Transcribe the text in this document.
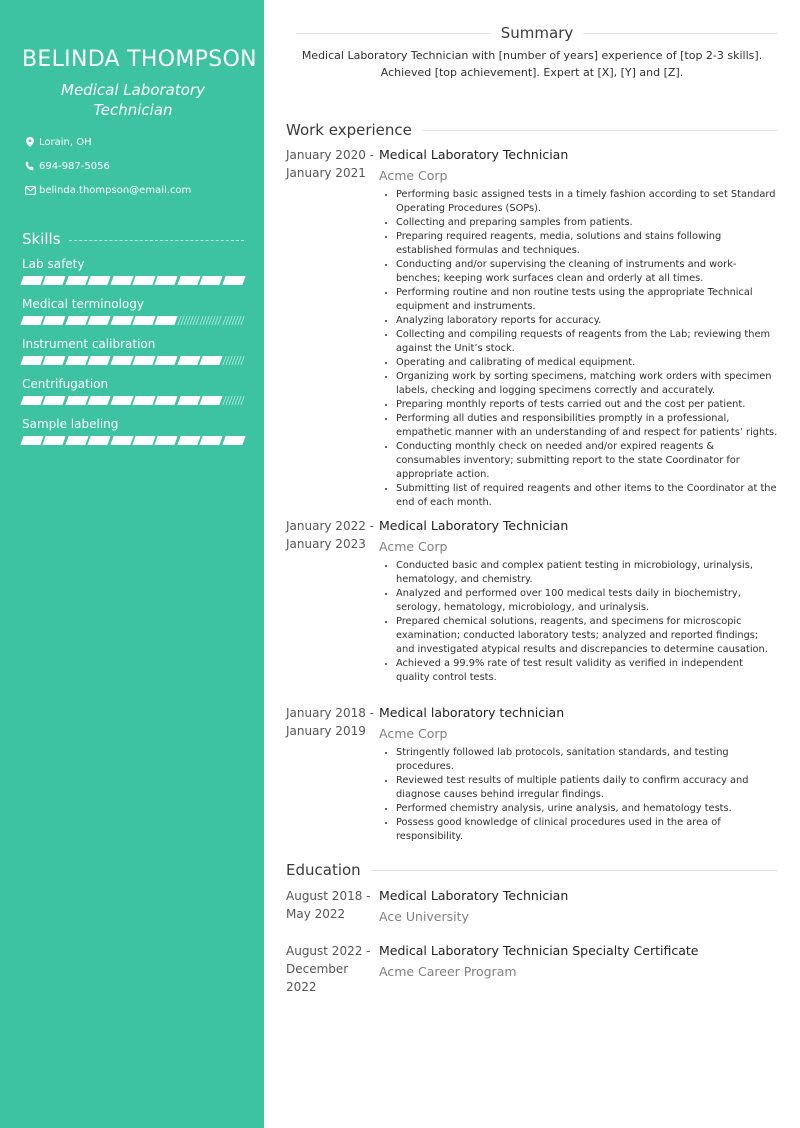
BELINDA THOMPSON
Medical Laboratory Technician
Lorain, OH
694-987-5056
belinda.thompson@email.com
Skills
Lab safety
Medical terminology
Instrument calibration
Centrifugation
Sample labeling
Summary
Medical Laboratory Technician with [number of years] experience of [top 2-3 skills].
Achieved [top achievement]. Expert at [X], [Y] and [Z].
Work experience
January 2020 -
January 2021
Medical Laboratory Technician
Acme Corp
• Performing basic assigned tests in a timely fashion according to set Standard Operating Procedures (SOPs).
• Collecting and preparing samples from patients.
• Preparing required reagents, media, solutions and stains following established formulas and techniques.
• Conducting and/or supervising the cleaning of instruments and work-benches; keeping work surfaces clean and orderly at all times.
• Performing routine and non routine tests using the appropriate Technical equipment and instruments.
• Analyzing laboratory reports for accuracy.
• Collecting and compiling requests of reagents from the Lab; reviewing them against the Unit’s stock.
• Operating and calibrating of medical equipment.
• Organizing work by sorting specimens, matching work orders with specimen labels, checking and logging specimens correctly and accurately.
• Preparing monthly reports of tests carried out and the cost per patient.
• Performing all duties and responsibilities promptly in a professional, empathetic manner with an understanding of and respect for patients’ rights.
• Conducting monthly check on needed and/or expired reagents & consumables inventory; submitting report to the state Coordinator for appropriate action.
• Submitting list of required reagents and other items to the Coordinator at the end of each month.
January 2022 -
January 2023
Medical Laboratory Technician
Acme Corp
• Conducted basic and complex patient testing in microbiology, urinalysis, hematology, and chemistry.
• Analyzed and performed over 100 medical tests daily in biochemistry, serology, hematology, microbiology, and urinalysis.
• Prepared chemical solutions, reagents, and specimens for microscopic examination; conducted laboratory tests; analyzed and reported findings; and investigated atypical results and discrepancies to determine causation.
• Achieved a 99.9% rate of test result validity as verified in independent quality control tests.
January 2018 -
January 2019
Medical laboratory technician
Acme Corp
• Stringently followed lab protocols, sanitation standards, and testing procedures.
• Reviewed test results of multiple patients daily to confirm accuracy and diagnose causes behind irregular findings.
• Performed chemistry analysis, urine analysis, and hematology tests.
• Possess good knowledge of clinical procedures used in the area of responsibility.
Education
August 2018 -
May 2022
Medical Laboratory Technician
Ace University
August 2022 -
December 2022
Medical Laboratory Technician Specialty Certificate
Acme Career Program
